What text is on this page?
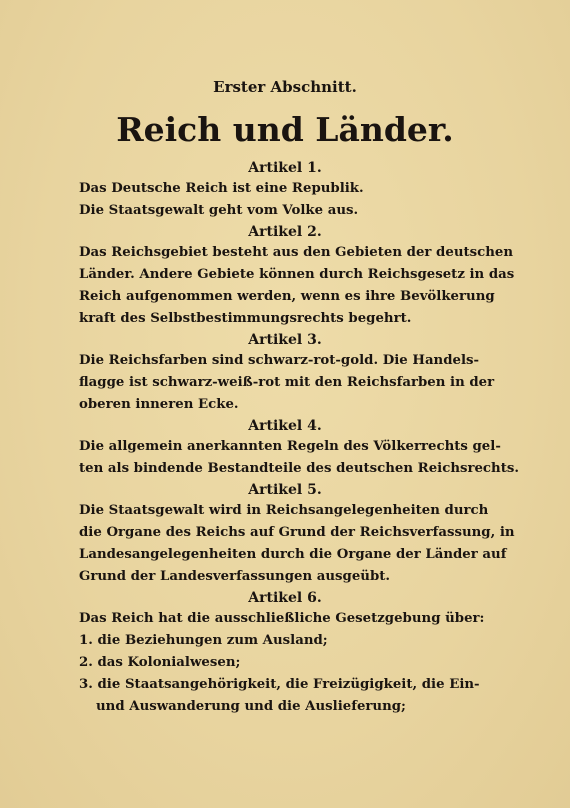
Erster Abschnitt.
Reich und Länder.
Artikel 1.
Das Deutsche Reich ist eine Republik.
Die Staatsgewalt geht vom Volke aus.
Artikel 2.
Das Reichsgebiet besteht aus den Gebieten der deutschen
Länder. Andere Gebiete können durch Reichsgesetz in das
Reich aufgenommen werden, wenn es ihre Bevölkerung
kraft des Selbstbestimmungsrechts begehrt.
Artikel 3.
Die Reichsfarben sind schwarz-rot-gold. Die Handels-
flagge ist schwarz-weiß-rot mit den Reichsfarben in der
oberen inneren Ecke.
Artikel 4.
Die allgemein anerkannten Regeln des Völkerrechts gel-
ten als bindende Bestandteile des deutschen Reichsrechts.
Artikel 5.
Die Staatsgewalt wird in Reichsangelegenheiten durch
die Organe des Reichs auf Grund der Reichsverfassung, in
Landesangelegenheiten durch die Organe der Länder auf
Grund der Landesverfassungen ausgeübt.
Artikel 6.
Das Reich hat die ausschließliche Gesetzgebung über:
1. die Beziehungen zum Ausland;
2. das Kolonialwesen;
3. die Staatsangehörigkeit, die Freizügigkeit, die Ein-
und Auswanderung und die Auslieferung;
